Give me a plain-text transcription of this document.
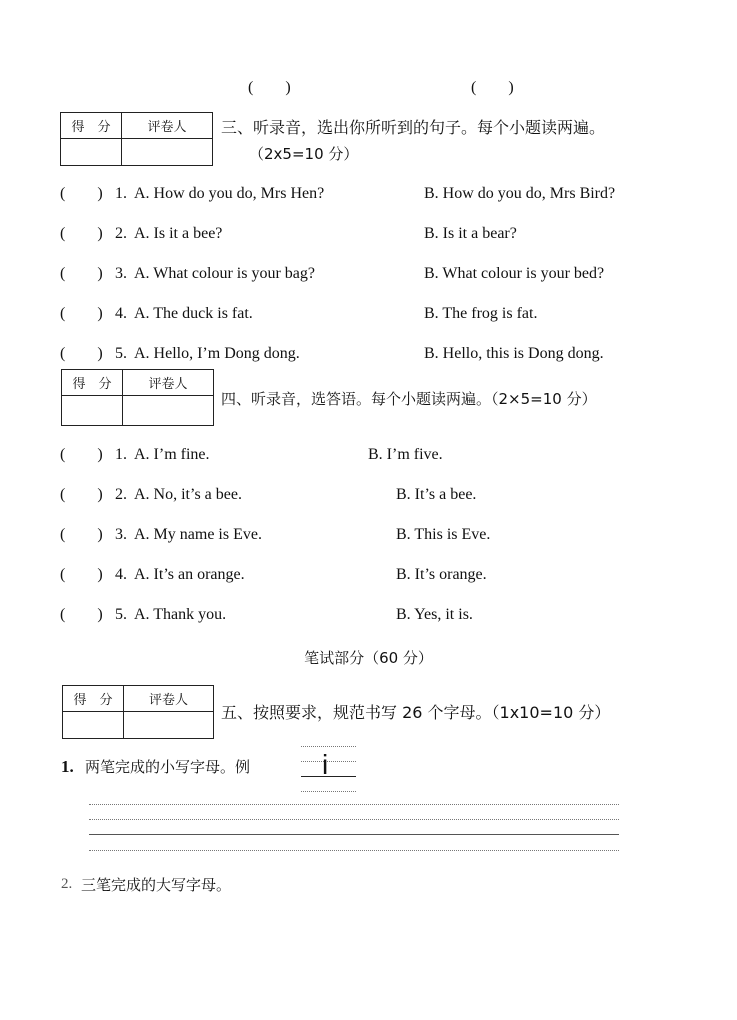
(　　)	(　　)
得　分	评卷人
	三、听录音，选出你所听到的句子。每个小题读两遍。
（2x5=10 分）
(　　) 1. A. How do you do, Mrs Hen?	B. How do you do, Mrs Bird?
(　　) 2. A. Is it a bee?	B. Is it a bear?
(　　) 3. A. What colour is your bag?	B. What colour is your bed?
(　　) 4. A. The duck is fat.	B. The frog is fat.
(　　) 5. A. Hello, I’m Dong dong.	B. Hello, this is Dong dong.
得　分	评卷人

四、听录音，选答语。每个小题读两遍。（2×5=10 分）
(　　) 1. A. I’m fine.	B. I’m five.
(　　) 2. A. No, it’s a bee.	B. It’s a bee.
(　　) 3. A. My name is Eve.	B. This is Eve.
(　　) 4. A. It’s an orange.	B. It’s orange.
(　　) 5. A. Thank you.	B. Yes, it is.
笔试部分（60 分）
得　分	评卷人

五、按照要求，规范书写 26 个字母。（1x10=10 分）
1. 两笔完成的小写字母。例	i
2. 三笔完成的大写字母。
